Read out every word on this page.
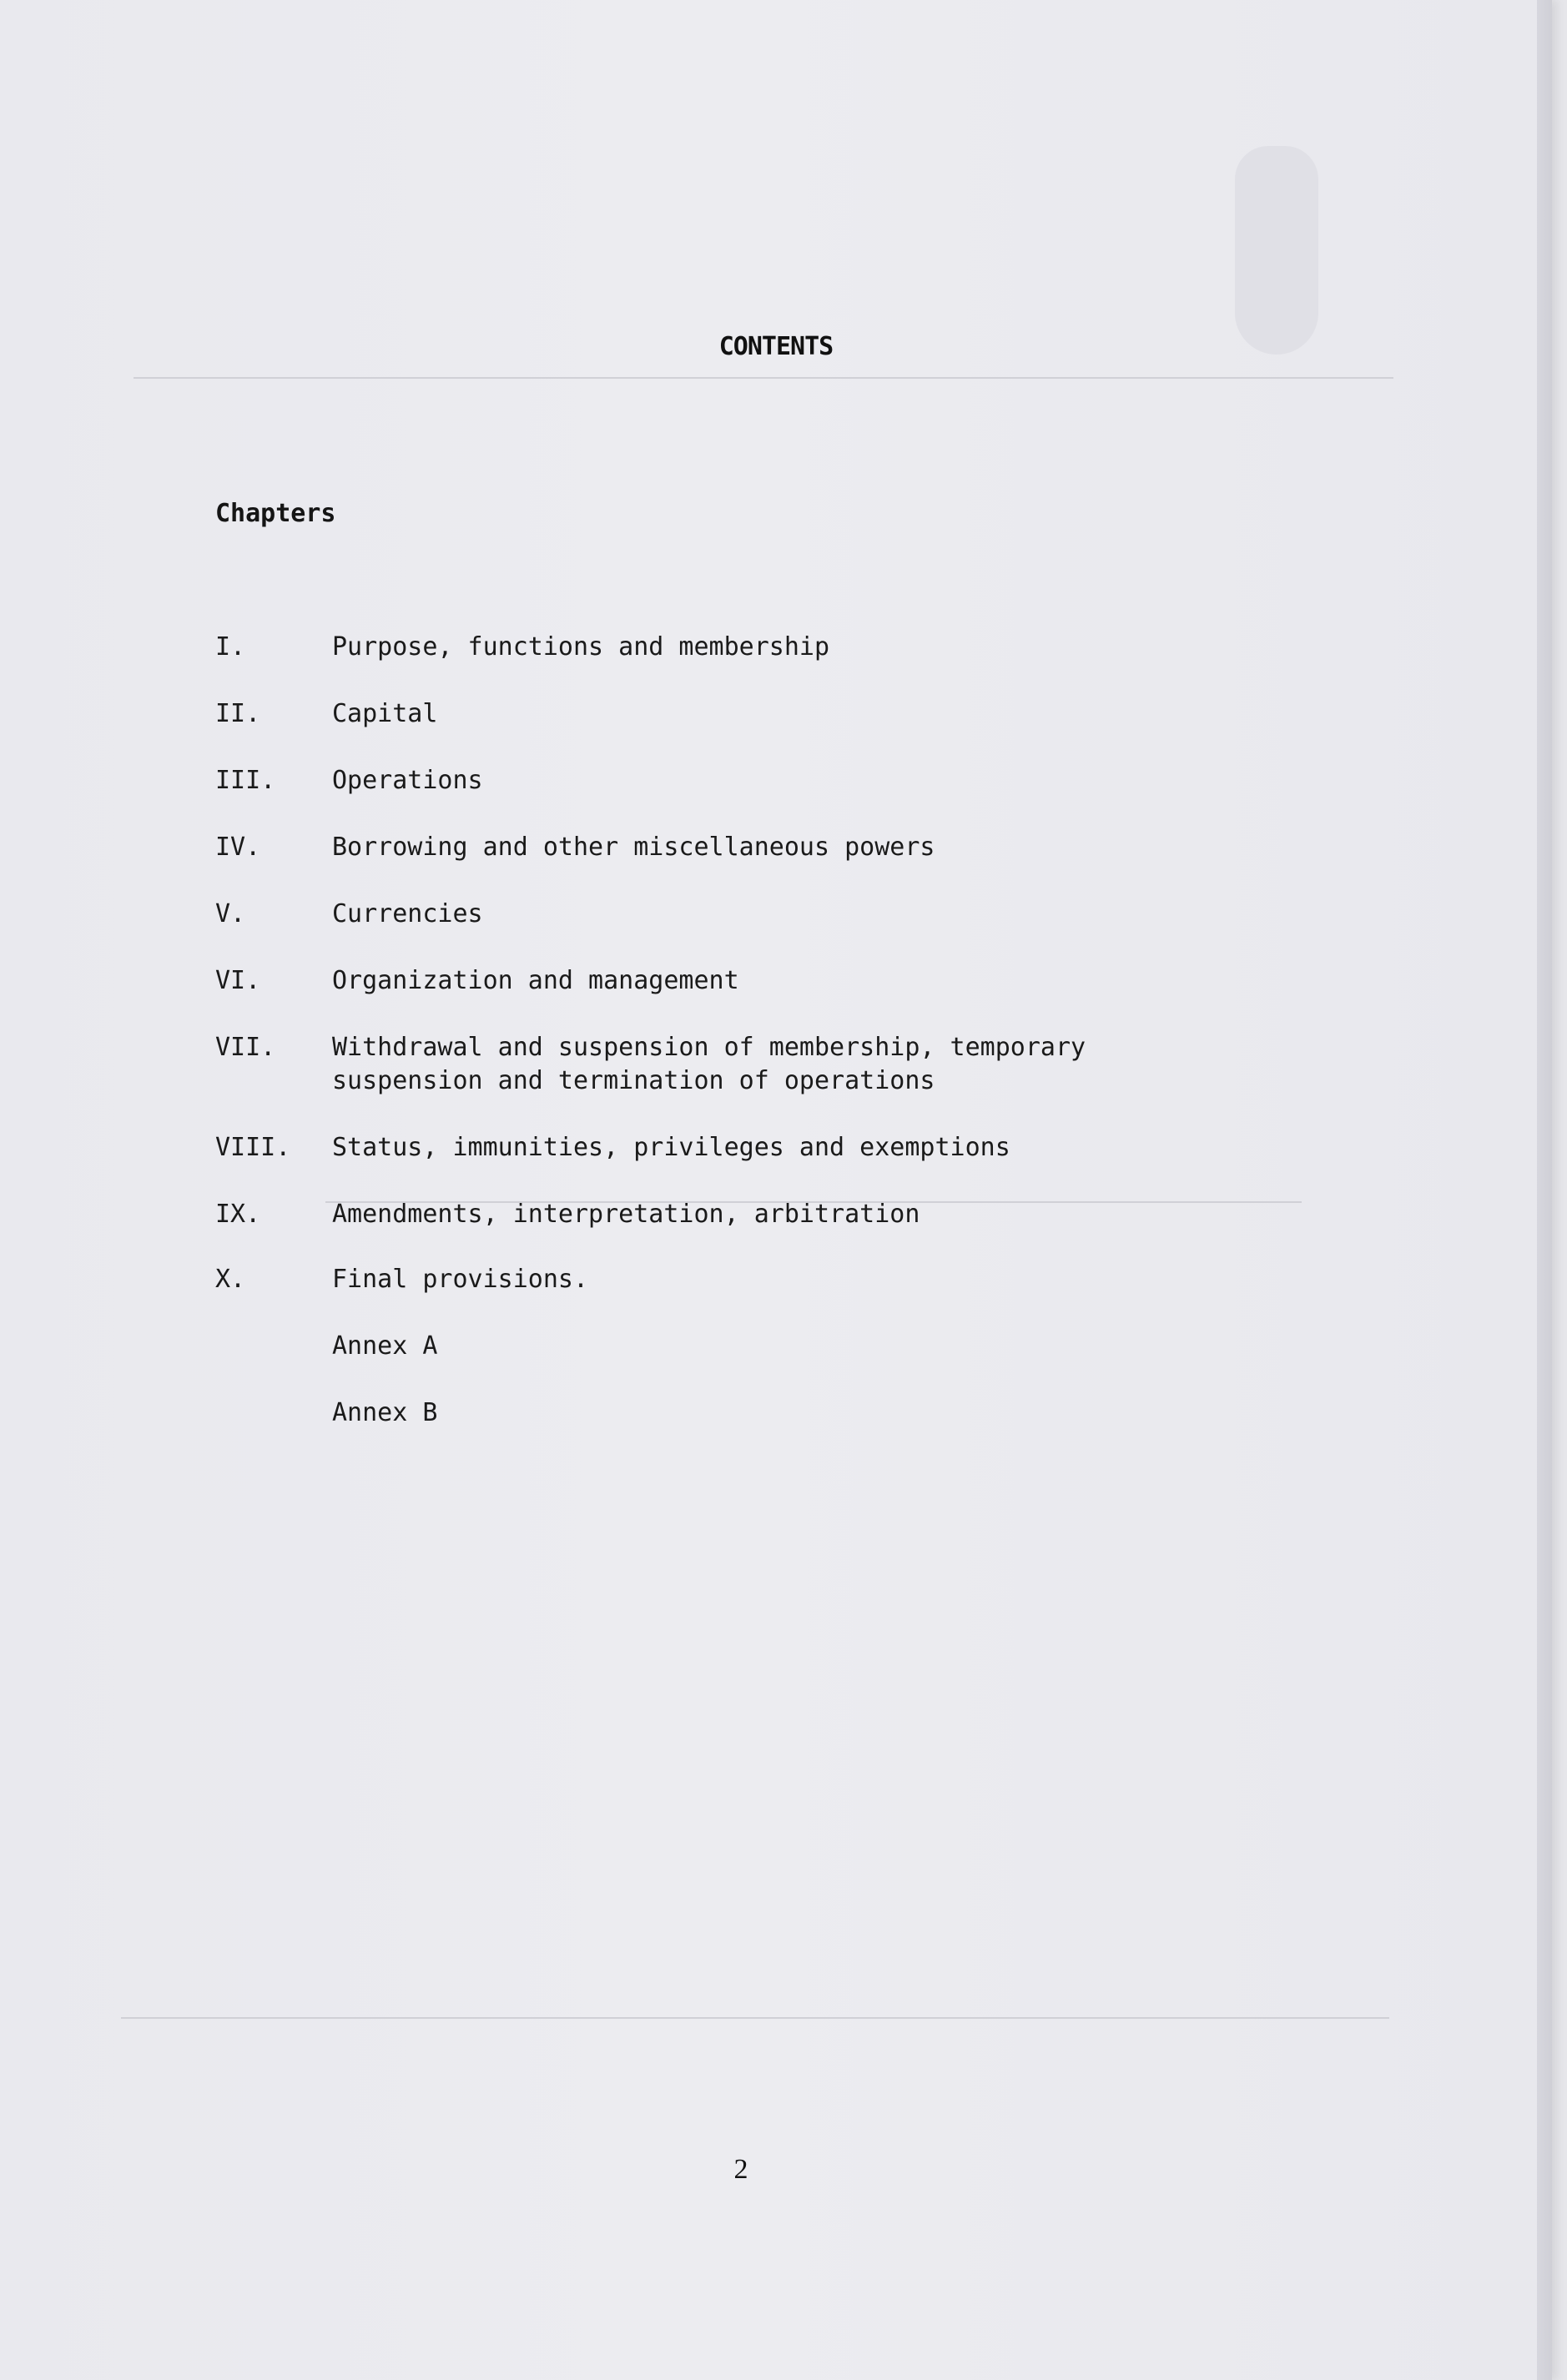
CONTENTS
Chapters
I.	Purpose, functions and membership
II.	Capital
III.	Operations
IV.	Borrowing and other miscellaneous powers
V.	Currencies
VI.	Organization and management
VII.	Withdrawal and suspension of membership, temporary
suspension and termination of operations
VIII.	Status, immunities, privileges and exemptions
IX.	Amendments, interpretation, arbitration
X.	Final provisions.
Annex A
Annex B
2
